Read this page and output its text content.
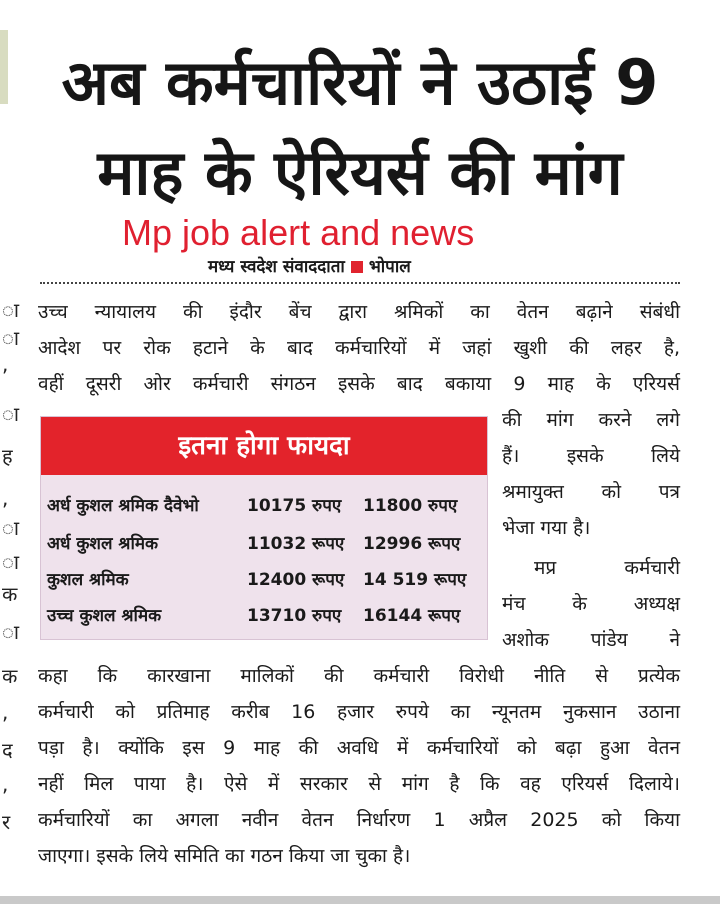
ा
ा
,
ा
ह
,
ा
ा
क
ा
क
,
द
,
र
अब कर्मचारियों ने उठाई 9
माह के ऐरियर्स की मांग
Mp job alert and news
मध्य स्वदेश संवाददाता भोपाल
उच्च न्यायालय की इंदौर बेंच द्वारा श्रमिकों का वेतन बढ़ाने संबंधी
आदेश पर रोक हटाने के बाद कर्मचारियों में जहां खुशी की लहर है,
वहीं दूसरी ओर कर्मचारी संगठन इसके बाद बकाया 9 माह के एरियर्स
की मांग करने लगे
हैं। इसके लिये
श्रमायुक्त को पत्र
भेजा गया है।
मप्र कर्मचारी
मंच के अध्यक्ष
अशोक पांडेय ने
इतना होगा फायदा
अर्ध कुशल श्रमिक दैवेभो	10175 रुपए 11800 रुपए
अर्ध कुशल श्रमिक	11032 रूपए 12996 रूपए
कुशल श्रमिक	12400 रूपए 14 519 रूपए
उच्च कुशल श्रमिक	13710 रुपए 16144 रूपए
कहा कि कारखाना मालिकों की कर्मचारी विरोधी नीति से प्रत्येक
कर्मचारी को प्रतिमाह करीब 16 हजार रुपये का न्यूनतम नुकसान उठाना
पड़ा है। क्योंकि इस 9 माह की अवधि में कर्मचारियों को बढ़ा हुआ वेतन
नहीं मिल पाया है। ऐसे में सरकार से मांग है कि वह एरियर्स दिलाये।
कर्मचारियों का अगला नवीन वेतन निर्धारण 1 अप्रैल 2025 को किया
जाएगा। इसके लिये समिति का गठन किया जा चुका है।
